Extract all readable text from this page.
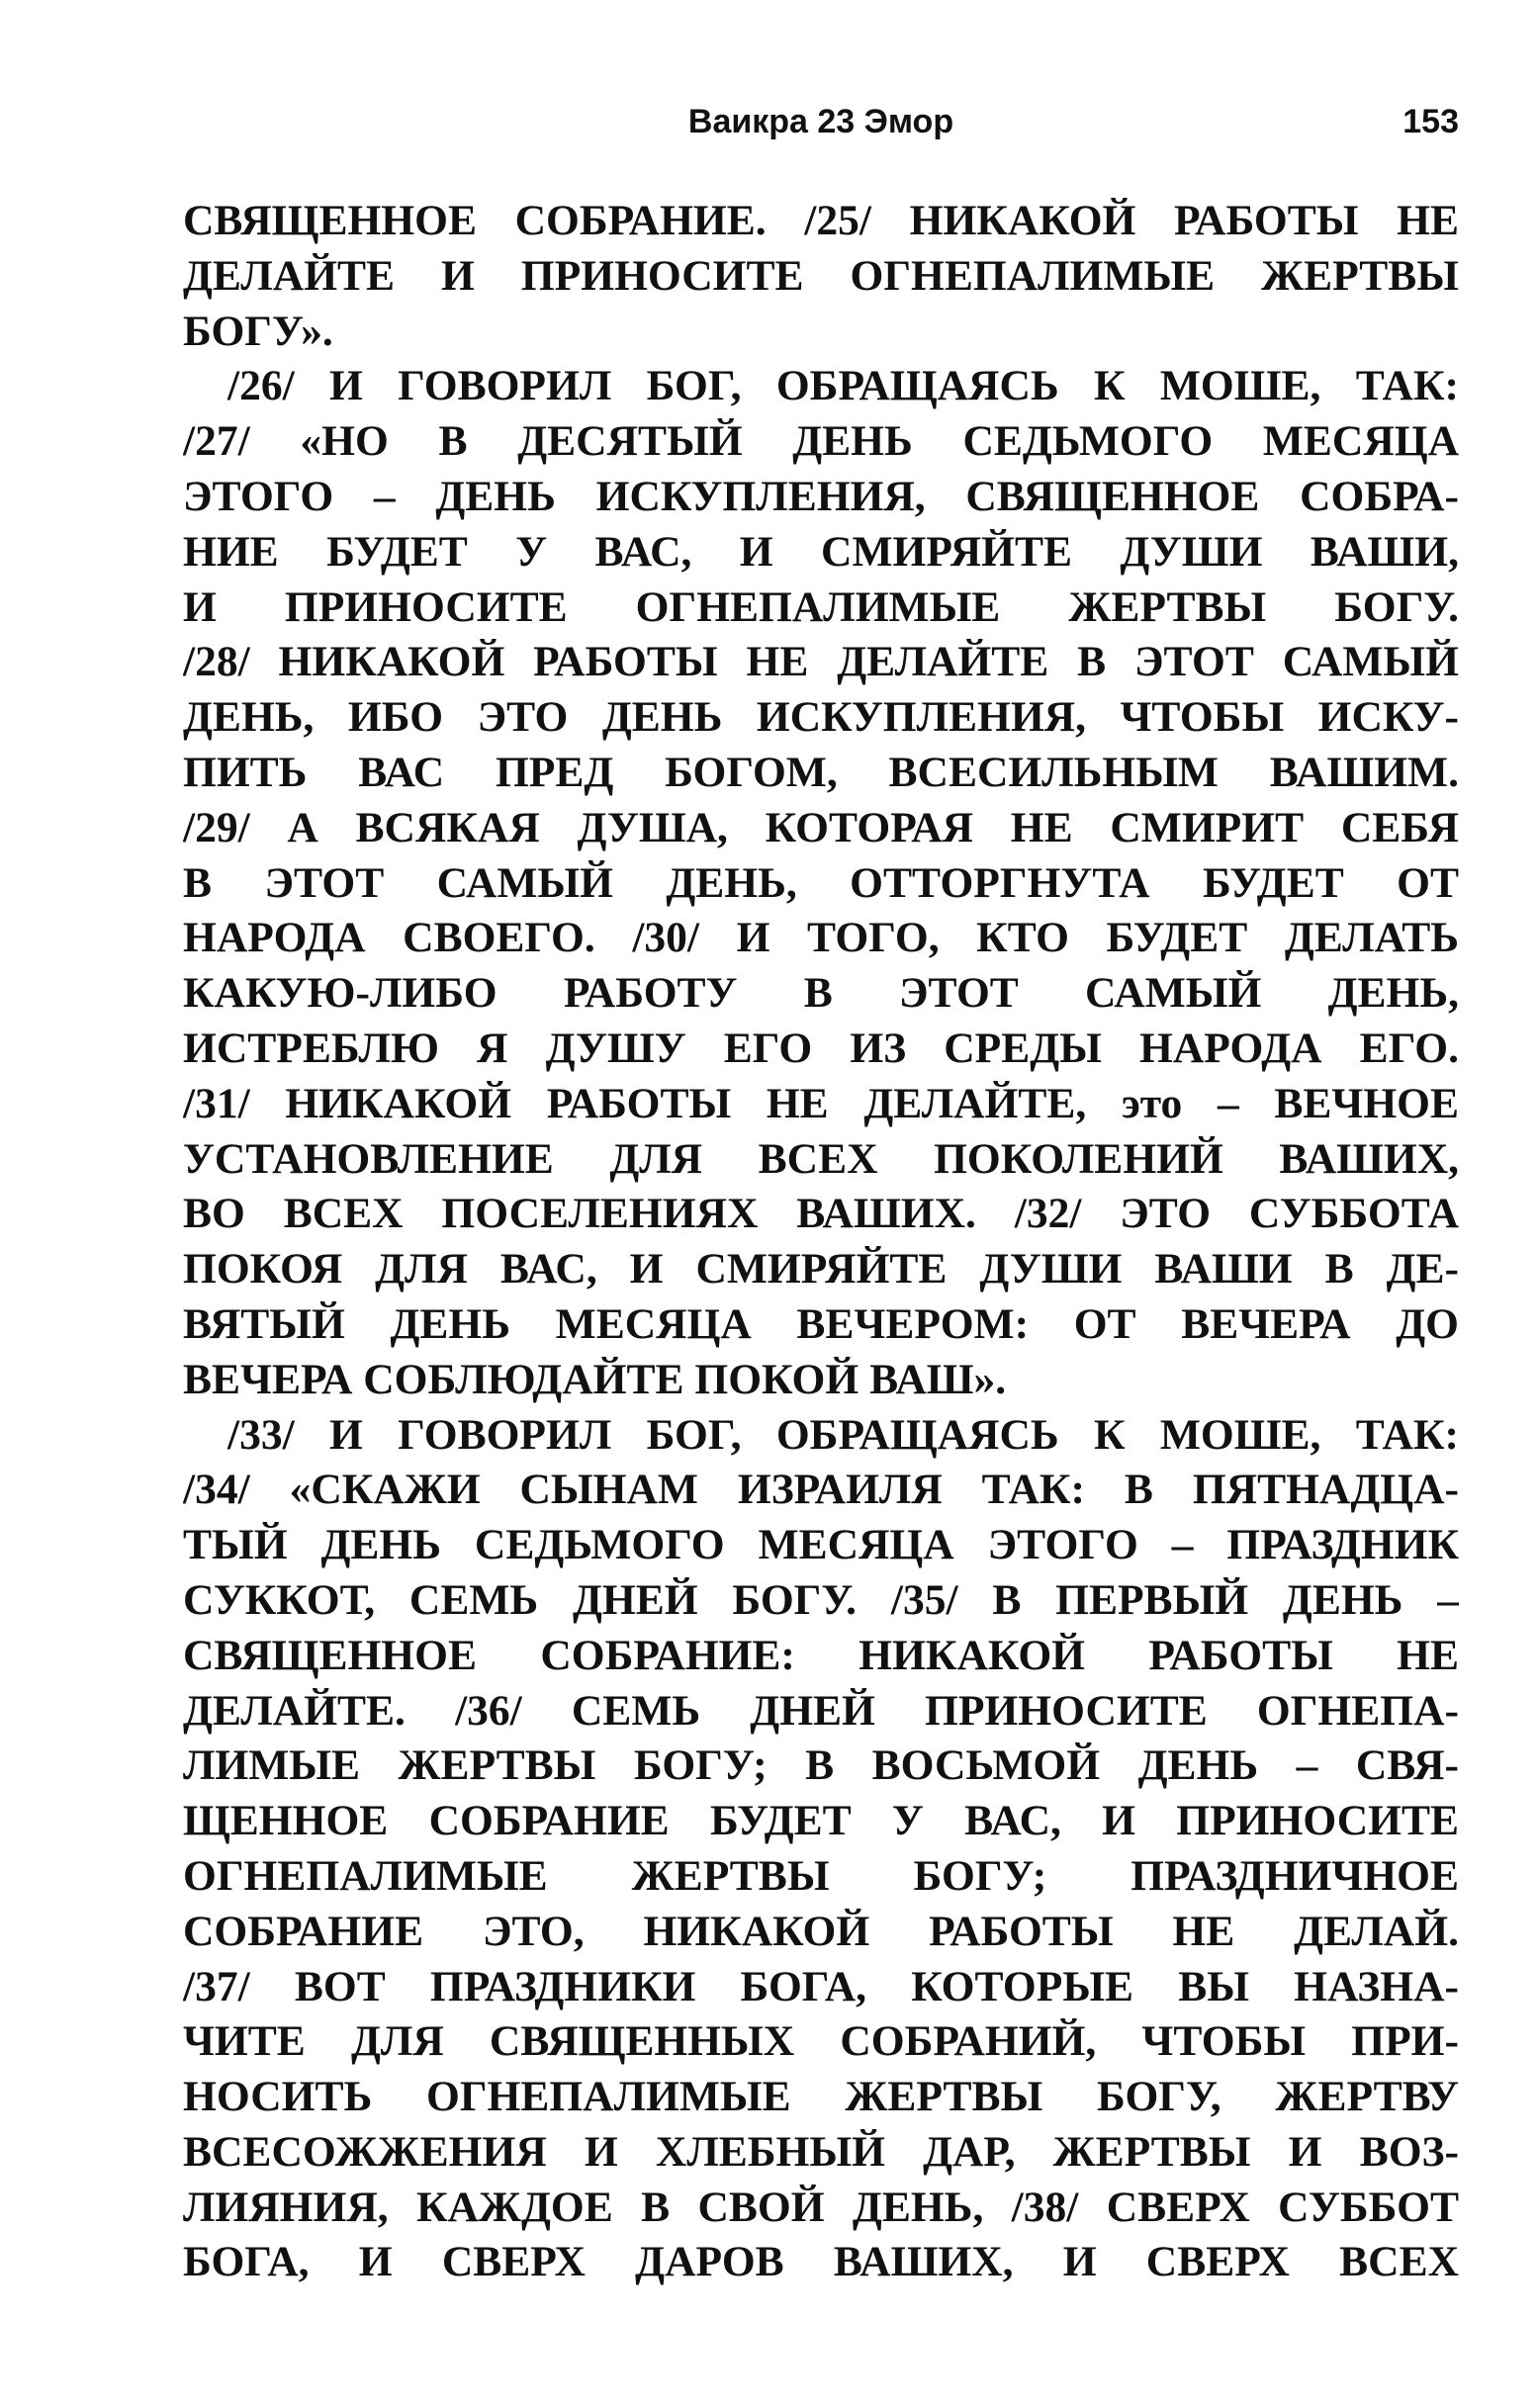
Ваикра 23 Эмор	153
СВЯЩЕННОЕ СОБРАНИЕ. /25/ НИКАКОЙ РАБОТЫ НЕ
ДЕЛАЙТЕ И ПРИНОСИТЕ ОГНЕПАЛИМЫЕ ЖЕРТВЫ
БОГУ».
/26/ И ГОВОРИЛ БОГ, ОБРАЩАЯСЬ К МОШЕ, ТАК:
/27/ «НО В ДЕСЯТЫЙ ДЕНЬ СЕДЬМОГО МЕСЯЦА
ЭТОГО – ДЕНЬ ИСКУПЛЕНИЯ, СВЯЩЕННОЕ СОБРА-
НИЕ БУДЕТ У ВАС, И СМИРЯЙТЕ ДУШИ ВАШИ,
И ПРИНОСИТЕ ОГНЕПАЛИМЫЕ ЖЕРТВЫ БОГУ.
/28/ НИКАКОЙ РАБОТЫ НЕ ДЕЛАЙТЕ В ЭТОТ САМЫЙ
ДЕНЬ, ИБО ЭТО ДЕНЬ ИСКУПЛЕНИЯ, ЧТОБЫ ИСКУ-
ПИТЬ ВАС ПРЕД БОГОМ, ВСЕСИЛЬНЫМ ВАШИМ.
/29/ А ВСЯКАЯ ДУША, КОТОРАЯ НЕ СМИРИТ СЕБЯ
В ЭТОТ САМЫЙ ДЕНЬ, ОТТОРГНУТА БУДЕТ ОТ
НАРОДА СВОЕГО. /30/ И ТОГО, КТО БУДЕТ ДЕЛАТЬ
КАКУЮ-ЛИБО РАБОТУ В ЭТОТ САМЫЙ ДЕНЬ,
ИСТРЕБЛЮ Я ДУШУ ЕГО ИЗ СРЕДЫ НАРОДА ЕГО.
/31/ НИКАКОЙ РАБОТЫ НЕ ДЕЛАЙТЕ, это – ВЕЧНОЕ
УСТАНОВЛЕНИЕ ДЛЯ ВСЕХ ПОКОЛЕНИЙ ВАШИХ,
ВО ВСЕХ ПОСЕЛЕНИЯХ ВАШИХ. /32/ ЭТО СУББОТА
ПОКОЯ ДЛЯ ВАС, И СМИРЯЙТЕ ДУШИ ВАШИ В ДЕ-
ВЯТЫЙ ДЕНЬ МЕСЯЦА ВЕЧЕРОМ: ОТ ВЕЧЕРА ДО
ВЕЧЕРА СОБЛЮДАЙТЕ ПОКОЙ ВАШ».
/33/ И ГОВОРИЛ БОГ, ОБРАЩАЯСЬ К МОШЕ, ТАК:
/34/ «СКАЖИ СЫНАМ ИЗРАИЛЯ ТАК: В ПЯТНАДЦА-
ТЫЙ ДЕНЬ СЕДЬМОГО МЕСЯЦА ЭТОГО – ПРАЗДНИК
СУККОТ, СЕМЬ ДНЕЙ БОГУ. /35/ В ПЕРВЫЙ ДЕНЬ –
СВЯЩЕННОЕ СОБРАНИЕ: НИКАКОЙ РАБОТЫ НЕ
ДЕЛАЙТЕ. /36/ СЕМЬ ДНЕЙ ПРИНОСИТЕ ОГНЕПА-
ЛИМЫЕ ЖЕРТВЫ БОГУ; В ВОСЬМОЙ ДЕНЬ – СВЯ-
ЩЕННОЕ СОБРАНИЕ БУДЕТ У ВАС, И ПРИНОСИТЕ
ОГНЕПАЛИМЫЕ ЖЕРТВЫ БОГУ; ПРАЗДНИЧНОЕ
СОБРАНИЕ ЭТО, НИКАКОЙ РАБОТЫ НЕ ДЕЛАЙ.
/37/ ВОТ ПРАЗДНИКИ БОГА, КОТОРЫЕ ВЫ НАЗНА-
ЧИТЕ ДЛЯ СВЯЩЕННЫХ СОБРАНИЙ, ЧТОБЫ ПРИ-
НОСИТЬ ОГНЕПАЛИМЫЕ ЖЕРТВЫ БОГУ, ЖЕРТВУ
ВСЕСОЖЖЕНИЯ И ХЛЕБНЫЙ ДАР, ЖЕРТВЫ И ВОЗ-
ЛИЯНИЯ, КАЖДОЕ В СВОЙ ДЕНЬ, /38/ СВЕРХ СУББОТ
БОГА, И СВЕРХ ДАРОВ ВАШИХ, И СВЕРХ ВСЕХ
